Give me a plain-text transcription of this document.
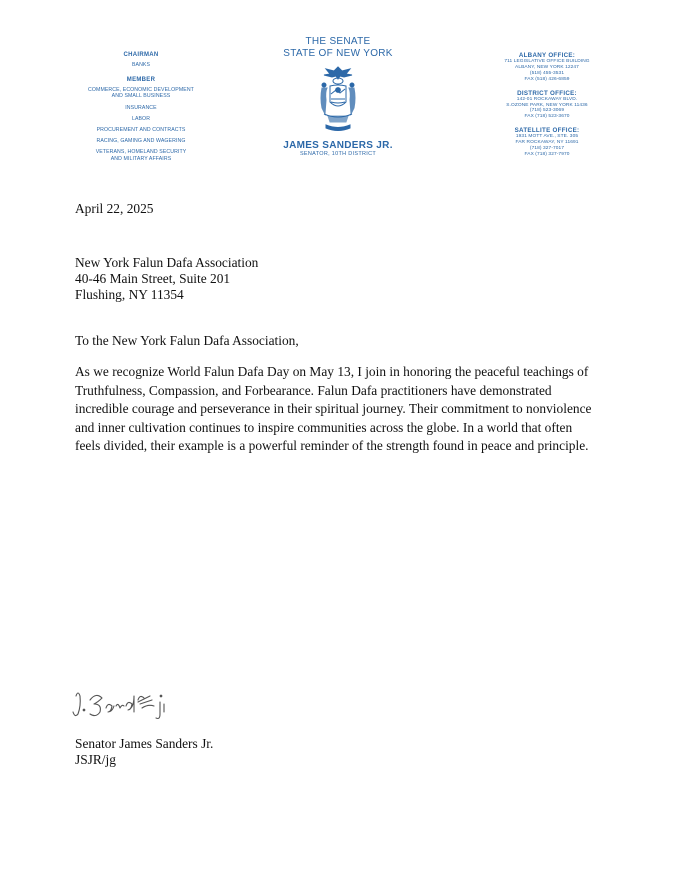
CHAIRMAN
BANKS
MEMBER
COMMERCE, ECONOMIC DEVELOPMENT
AND SMALL BUSINESS
INSURANCE
LABOR
PROCUREMENT AND CONTRACTS
RACING, GAMING AND WAGERING
VETERANS, HOMELAND SECURITY
AND MILITARY AFFAIRS
THE SENATE
STATE OF NEW YORK
JAMES SANDERS JR.
SENATOR, 10TH DISTRICT
ALBANY OFFICE:
711 LEGISLATIVE OFFICE BUILDING
ALBANY, NEW YORK 12247
(518) 455-3531
FAX (518) 426-6859
DISTRICT OFFICE:
142-01 ROCKAWAY BLVD.
S.OZONE PARK, NEW YORK 11436
(718) 523-3069
FAX (718) 523-3670
SATELLITE OFFICE:
1931 MOTT AVE., STE. 305
FAR ROCKAWAY, NY 11691
(718) 327-7017
FAX (718) 327-7970
April 22, 2025
New York Falun Dafa Association
40-46 Main Street, Suite 201
Flushing, NY 11354
To the New York Falun Dafa Association,
As we recognize World Falun Dafa Day on May 13, I join in honoring the peaceful teachings of
Truthfulness, Compassion, and Forbearance. Falun Dafa practitioners have demonstrated
incredible courage and perseverance in their spiritual journey. Their commitment to nonviolence
and inner cultivation continues to inspire communities across the globe. In a world that often
feels divided, their example is a powerful reminder of the strength found in peace and principle.
Senator James Sanders Jr.
JSJR/jg
